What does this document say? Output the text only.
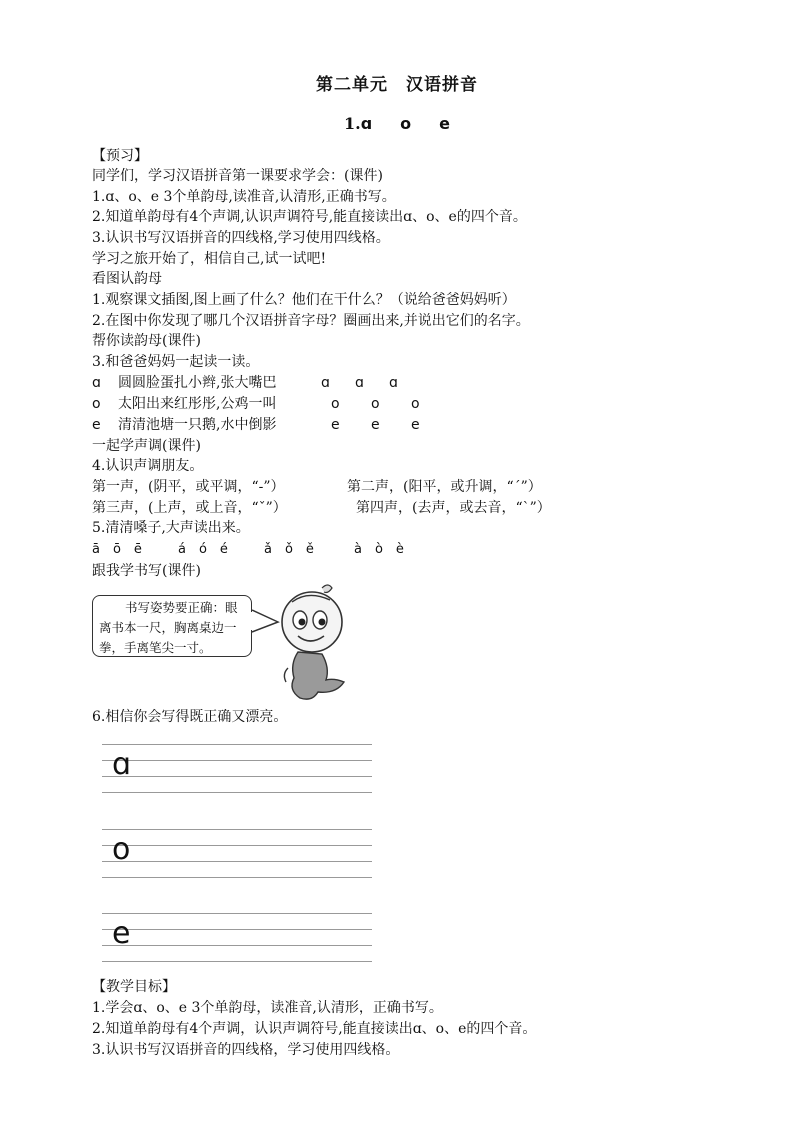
第二单元　汉语拼音
1.ɑ o e
【预习】
同学们，学习汉语拼音第一课要求学会：(课件)
1.ɑ、o、e 3个单韵母,读准音,认清形,正确书写。
2.知道单韵母有4个声调,认识声调符号,能直接读出ɑ、o、e的四个音。
3.认识书写汉语拼音的四线格,学习使用四线格。
学习之旅开始了，相信自己,试一试吧!
看图认韵母
1.观察课文插图,图上画了什么？他们在干什么？（说给爸爸妈妈听）
2.在图中你发现了哪几个汉语拼音字母？圈画出来,并说出它们的名字。
帮你读韵母(课件)
3.和爸爸妈妈一起读一读。
ɑ 圆圆脸蛋扎小辫,张大嘴巴	ɑ ɑ ɑ
o 太阳出来红彤彤,公鸡一叫	o o o
e 清清池塘一只鹅,水中倒影	e e e
一起学声调(课件)
4.认识声调朋友。
第一声，(阴平，或平调，“-”）	第二声，(阳平，或升调，“ˊ”）
第三声，(上声，或上音，“ˇ”）	第四声，(去声，或去音，“ˋ”）
5.清清嗓子,大声读出来。
ā　ō　ē	á　ó　é	ǎ　ǒ　ě	à　ò　è
跟我学书写(课件)
书写姿势要正确：眼
离书本一尺，胸离桌边一
拳，手离笔尖一寸。
6.相信你会写得既正确又漂亮。
ɑ
o
e
【教学目标】
1.学会ɑ、o、e 3个单韵母，读准音,认清形，正确书写。
2.知道单韵母有4个声调，认识声调符号,能直接读出ɑ、o、e的四个音。
3.认识书写汉语拼音的四线格，学习使用四线格。
